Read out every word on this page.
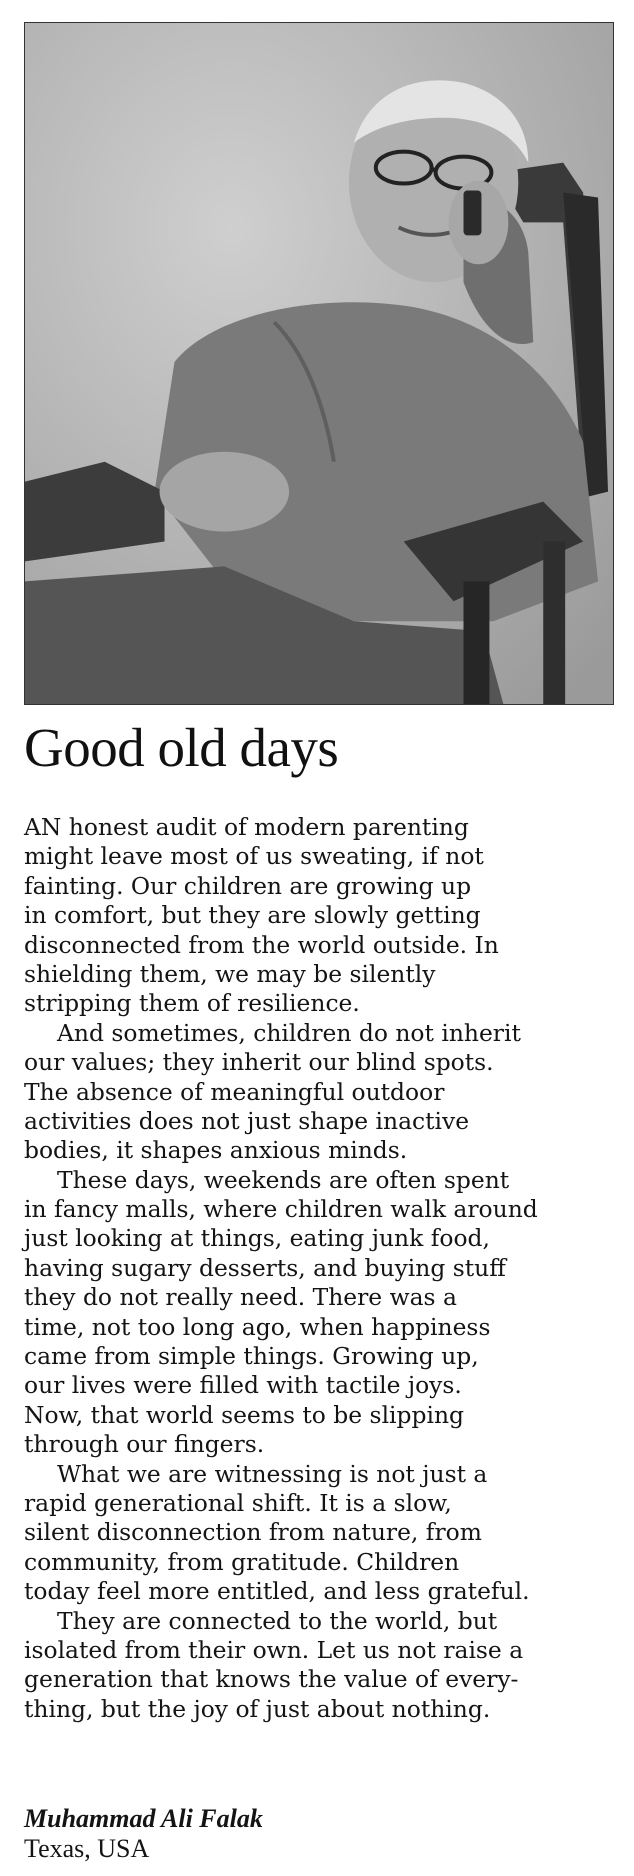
Good old days
AN honest audit of modern parenting
might leave most of us sweating, if not
fainting. Our children are growing up
in comfort, but they are slowly getting
disconnected from the world outside. In
shielding them, we may be silently
stripping them of resilience.
And sometimes, children do not inherit
our values; they inherit our blind spots.
The absence of meaningful outdoor
activities does not just shape inactive
bodies, it shapes anxious minds.
These days, weekends are often spent
in fancy malls, where children walk around
just looking at things, eating junk food,
having sugary desserts, and buying stuff
they do not really need. There was a
time, not too long ago, when happiness
came from simple things. Growing up,
our lives were filled with tactile joys.
Now, that world seems to be slipping
through our fingers.
What we are witnessing is not just a
rapid generational shift. It is a slow,
silent disconnection from nature, from
community, from gratitude. Children
today feel more entitled, and less grateful.
They are connected to the world, but
isolated from their own. Let us not raise a
generation that knows the value of every-
thing, but the joy of just about nothing.
Muhammad Ali Falak
Texas, USA
